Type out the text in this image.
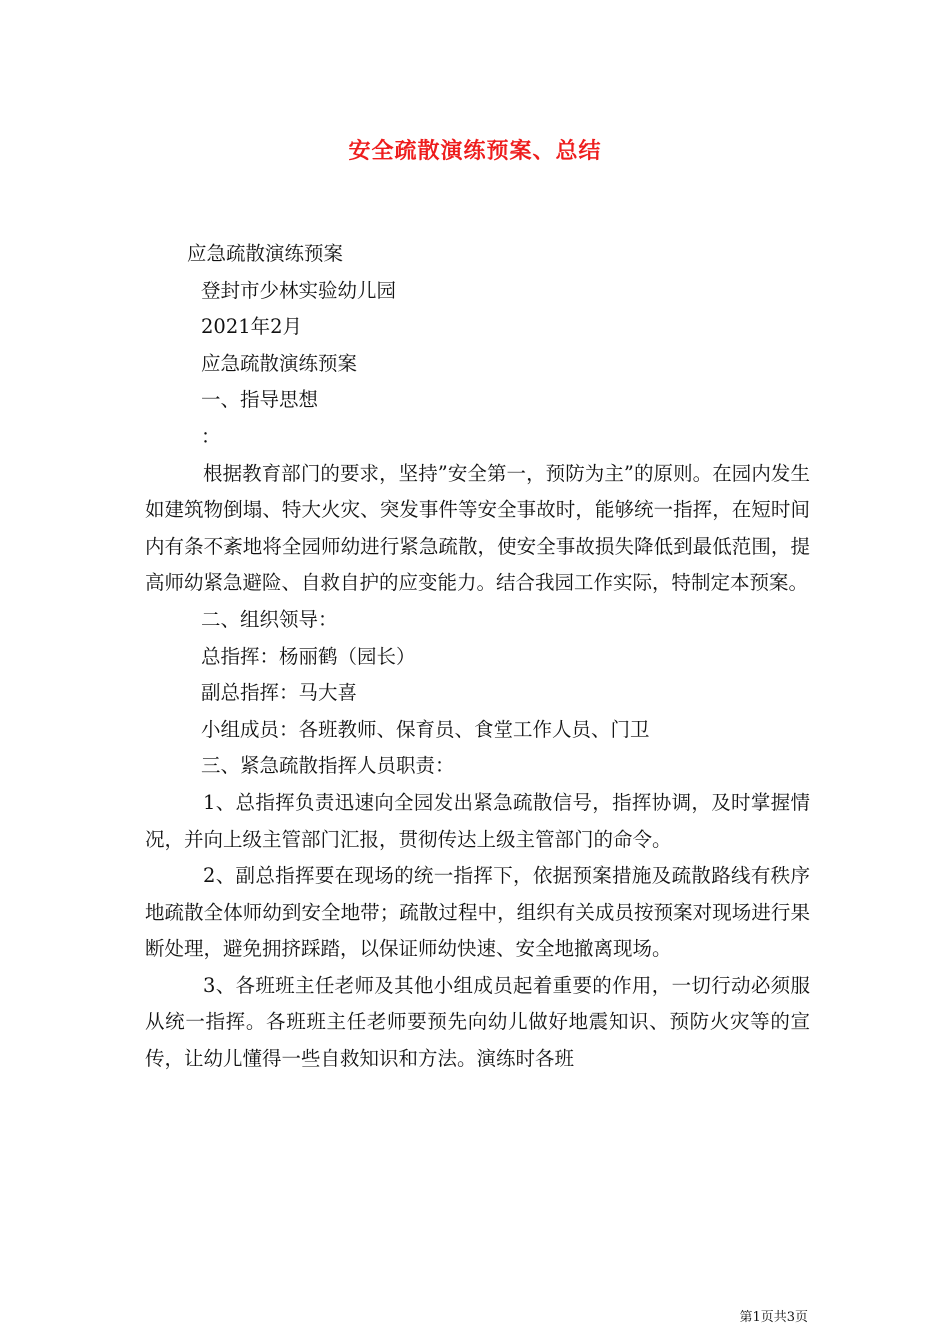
安全疏散演练预案、总结

应急疏散演练预案

登封市少林实验幼儿园

2021年2月

应急疏散演练预案

一、指导思想

：

根据教育部门的要求，坚持”安全第一，预防为主”的原则。在园内发生如建筑物倒塌、特大火灾、突发事件等安全事故时，能够统一指挥，在短时间内有条不紊地将全园师幼进行紧急疏散，使安全事故损失降低到最低范围，提高师幼紧急避险、自救自护的应变能力。结合我园工作实际，特制定本预案。

二、组织领导：

总指挥：杨丽鹤（园长）

副总指挥：马大喜

小组成员：各班教师、保育员、食堂工作人员、门卫

三、紧急疏散指挥人员职责：

1、总指挥负责迅速向全园发出紧急疏散信号，指挥协调，及时掌握情况，并向上级主管部门汇报，贯彻传达上级主管部门的命令。

2、副总指挥要在现场的统一指挥下，依据预案措施及疏散路线有秩序地疏散全体师幼到安全地带；疏散过程中，组织有关成员按预案对现场进行果断处理，避免拥挤踩踏，以保证师幼快速、安全地撤离现场。

3、各班班主任老师及其他小组成员起着重要的作用，一切行动必须服从统一指挥。各班班主任老师要预先向幼儿做好地震知识、预防火灾等的宣传，让幼儿懂得一些自救知识和方法。演练时各班

第1页共3页
